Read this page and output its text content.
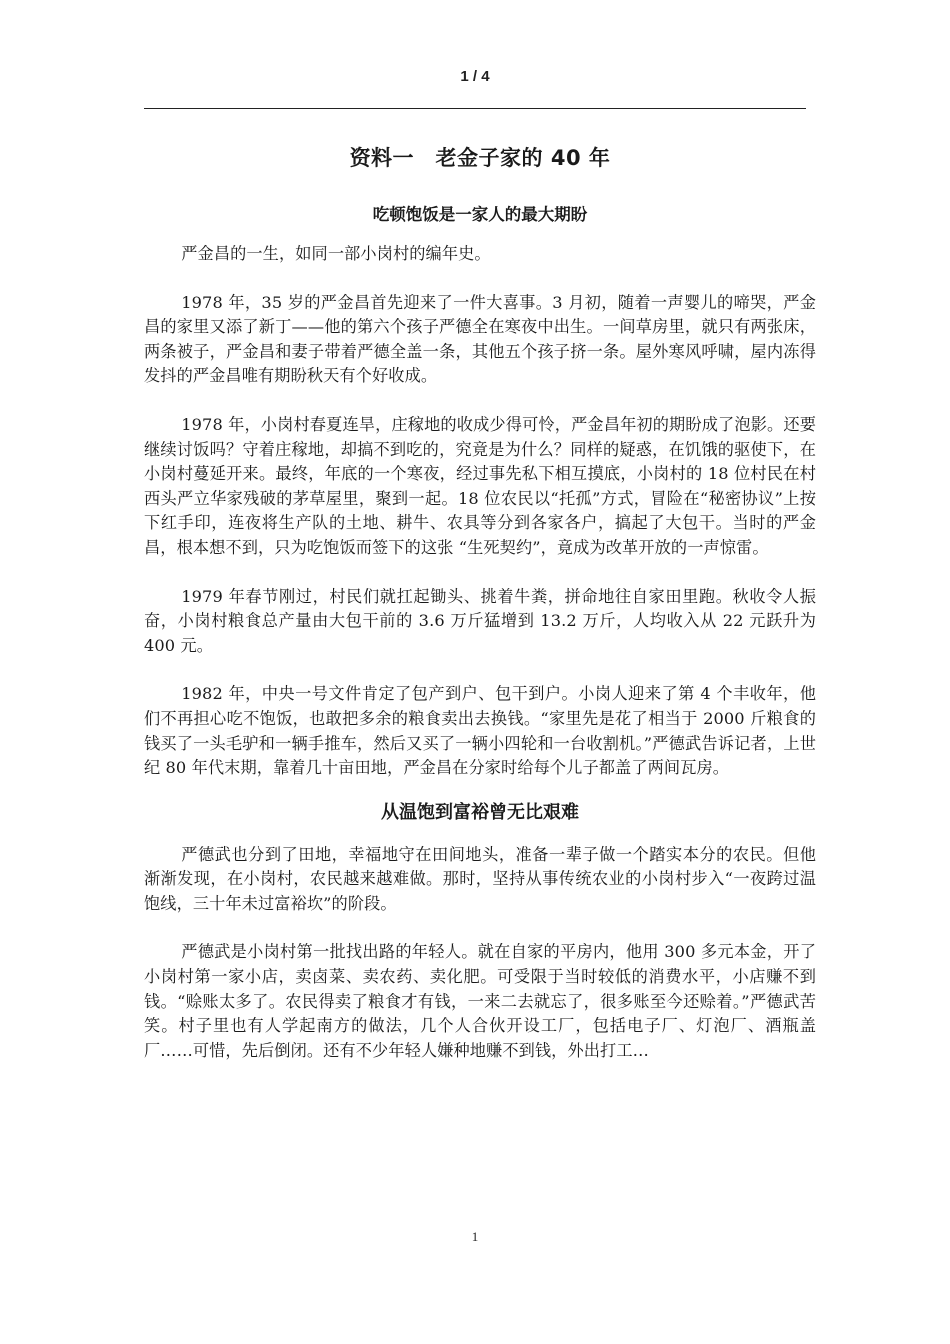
1 / 4
资料一　老金子家的 40 年
吃顿饱饭是一家人的最大期盼

严金昌的一生，如同一部小岗村的编年史。

1978 年，35 岁的严金昌首先迎来了一件大喜事。3 月初，随着一声婴儿的啼哭，严金昌的家里又添了新丁——他的第六个孩子严德全在寒夜中出生。一间草房里，就只有两张床，两条被子，严金昌和妻子带着严德全盖一条，其他五个孩子挤一条。屋外寒风呼啸，屋内冻得发抖的严金昌唯有期盼秋天有个好收成。

1978 年，小岗村春夏连旱，庄稼地的收成少得可怜，严金昌年初的期盼成了泡影。还要继续讨饭吗？守着庄稼地，却搞不到吃的，究竟是为什么？同样的疑惑，在饥饿的驱使下，在小岗村蔓延开来。最终，年底的一个寒夜，经过事先私下相互摸底，小岗村的 18 位村民在村西头严立华家残破的茅草屋里，聚到一起。18 位农民以“托孤”方式，冒险在“秘密协议”上按下红手印，连夜将生产队的土地、耕牛、农具等分到各家各户，搞起了大包干。当时的严金昌，根本想不到，只为吃饱饭而签下的这张 “生死契约”，竟成为改革开放的一声惊雷。

1979 年春节刚过，村民们就扛起锄头、挑着牛粪，拼命地往自家田里跑。秋收令人振奋，小岗村粮食总产量由大包干前的 3.6 万斤猛增到 13.2 万斤，人均收入从 22 元跃升为 400 元。

1982 年，中央一号文件肯定了包产到户、包干到户。小岗人迎来了第 4 个丰收年，他们不再担心吃不饱饭，也敢把多余的粮食卖出去换钱。“家里先是花了相当于 2000 斤粮食的钱买了一头毛驴和一辆手推车，然后又买了一辆小四轮和一台收割机。”严德武告诉记者，上世纪 80 年代末期，靠着几十亩田地，严金昌在分家时给每个儿子都盖了两间瓦房。

从温饱到富裕曾无比艰难

严德武也分到了田地，幸福地守在田间地头，准备一辈子做一个踏实本分的农民。但他渐渐发现，在小岗村，农民越来越难做。那时，坚持从事传统农业的小岗村步入“一夜跨过温饱线，三十年未过富裕坎”的阶段。

严德武是小岗村第一批找出路的年轻人。就在自家的平房内，他用 300 多元本金，开了小岗村第一家小店，卖卤菜、卖农药、卖化肥。可受限于当时较低的消费水平，小店赚不到钱。“赊账太多了。农民得卖了粮食才有钱，一来二去就忘了，很多账至今还赊着。”严德武苦笑。村子里也有人学起南方的做法，几个人合伙开设工厂，包括电子厂、灯泡厂、酒瓶盖厂……可惜，先后倒闭。还有不少年轻人嫌种地赚不到钱，外出打工…

1
